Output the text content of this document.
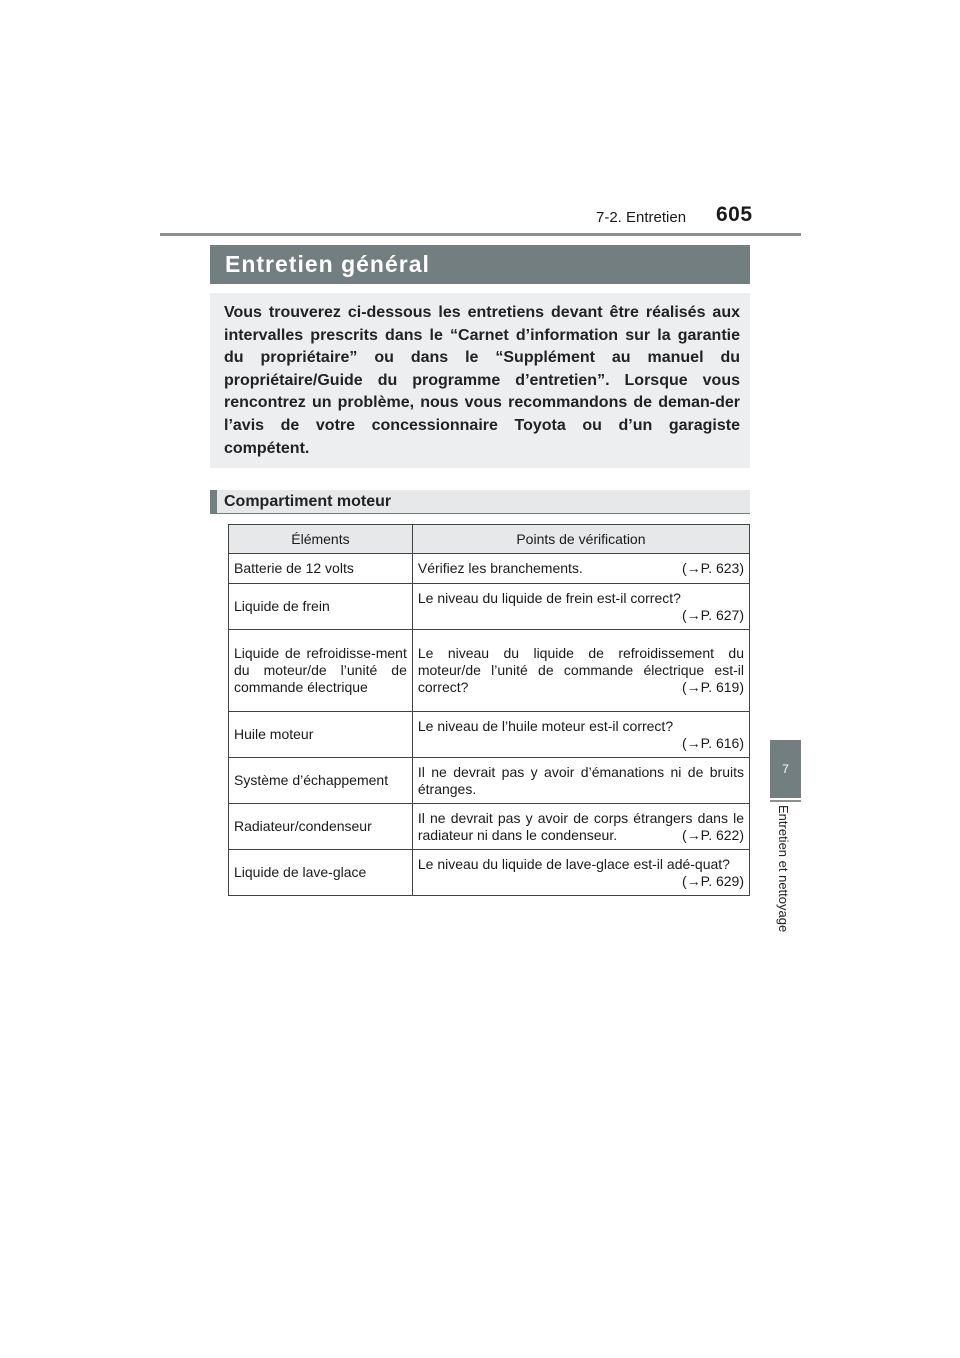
7-2. Entretien 605
7
Entretien et nettoyage
Entretien général

Vous trouverez ci-dessous les entretiens devant être réalisés aux intervalles prescrits dans le “Carnet d’information sur la garantie du propriétaire” ou dans le “Supplément au manuel du propriétaire/Guide du programme d’entretien”. Lorsque vous rencontrez un problème, nous vous recommandons de deman-der l’avis de votre concessionnaire Toyota ou d’un garagiste compétent.

Compartiment moteur
Éléments	Points de vérification
Batterie de 12 volts	Vérifiez les branchements. (→P. 623)

Liquide de frein	Le niveau du liquide de frein est-il correct?
(→P. 627)

Liquide de refroidisse-ment du moteur/de l’unité de commande électrique	Le niveau du liquide de refroidissement du moteur/de l’unité de commande électrique est-il correct? (→P. 619)

Huile moteur	Le niveau de l’huile moteur est-il correct?
(→P. 616)

Système d’échappement	Il ne devrait pas y avoir d’émanations ni de bruits étranges.
Radiateur/condenseur	Il ne devrait pas y avoir de corps étrangers dans le radiateur ni dans le condenseur. (→P. 622)

Liquide de lave-glace	Le niveau du liquide de lave-glace est-il adé-quat?
(→P. 629)
